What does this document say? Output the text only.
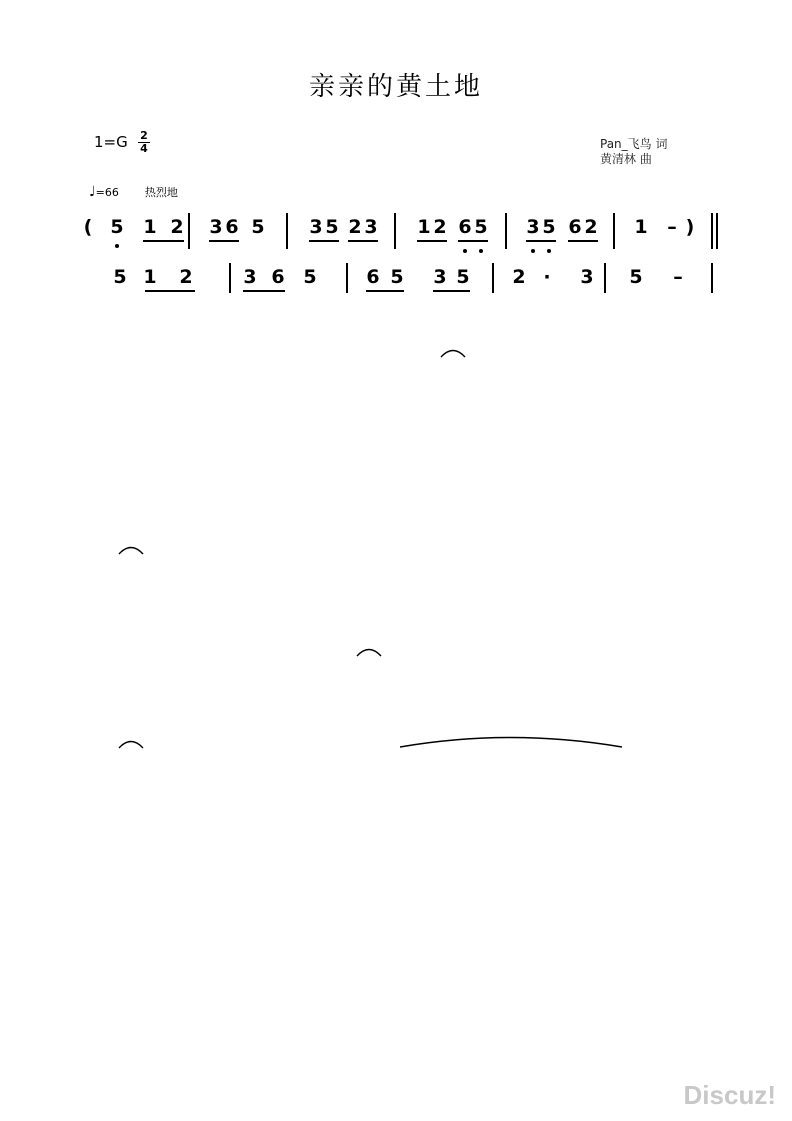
亲亲的黄土地
1=G 2
4	Pan_飞鸟 词
黄清林 曲
♩=66 热烈地
( 5 1 2 3 6 5 3 5 2 3 1 2 6 5 3 5 6 2 1 – )
5 1 2	3 6 5	6 5 3 5 2 · 3 5 –
Discuz!
